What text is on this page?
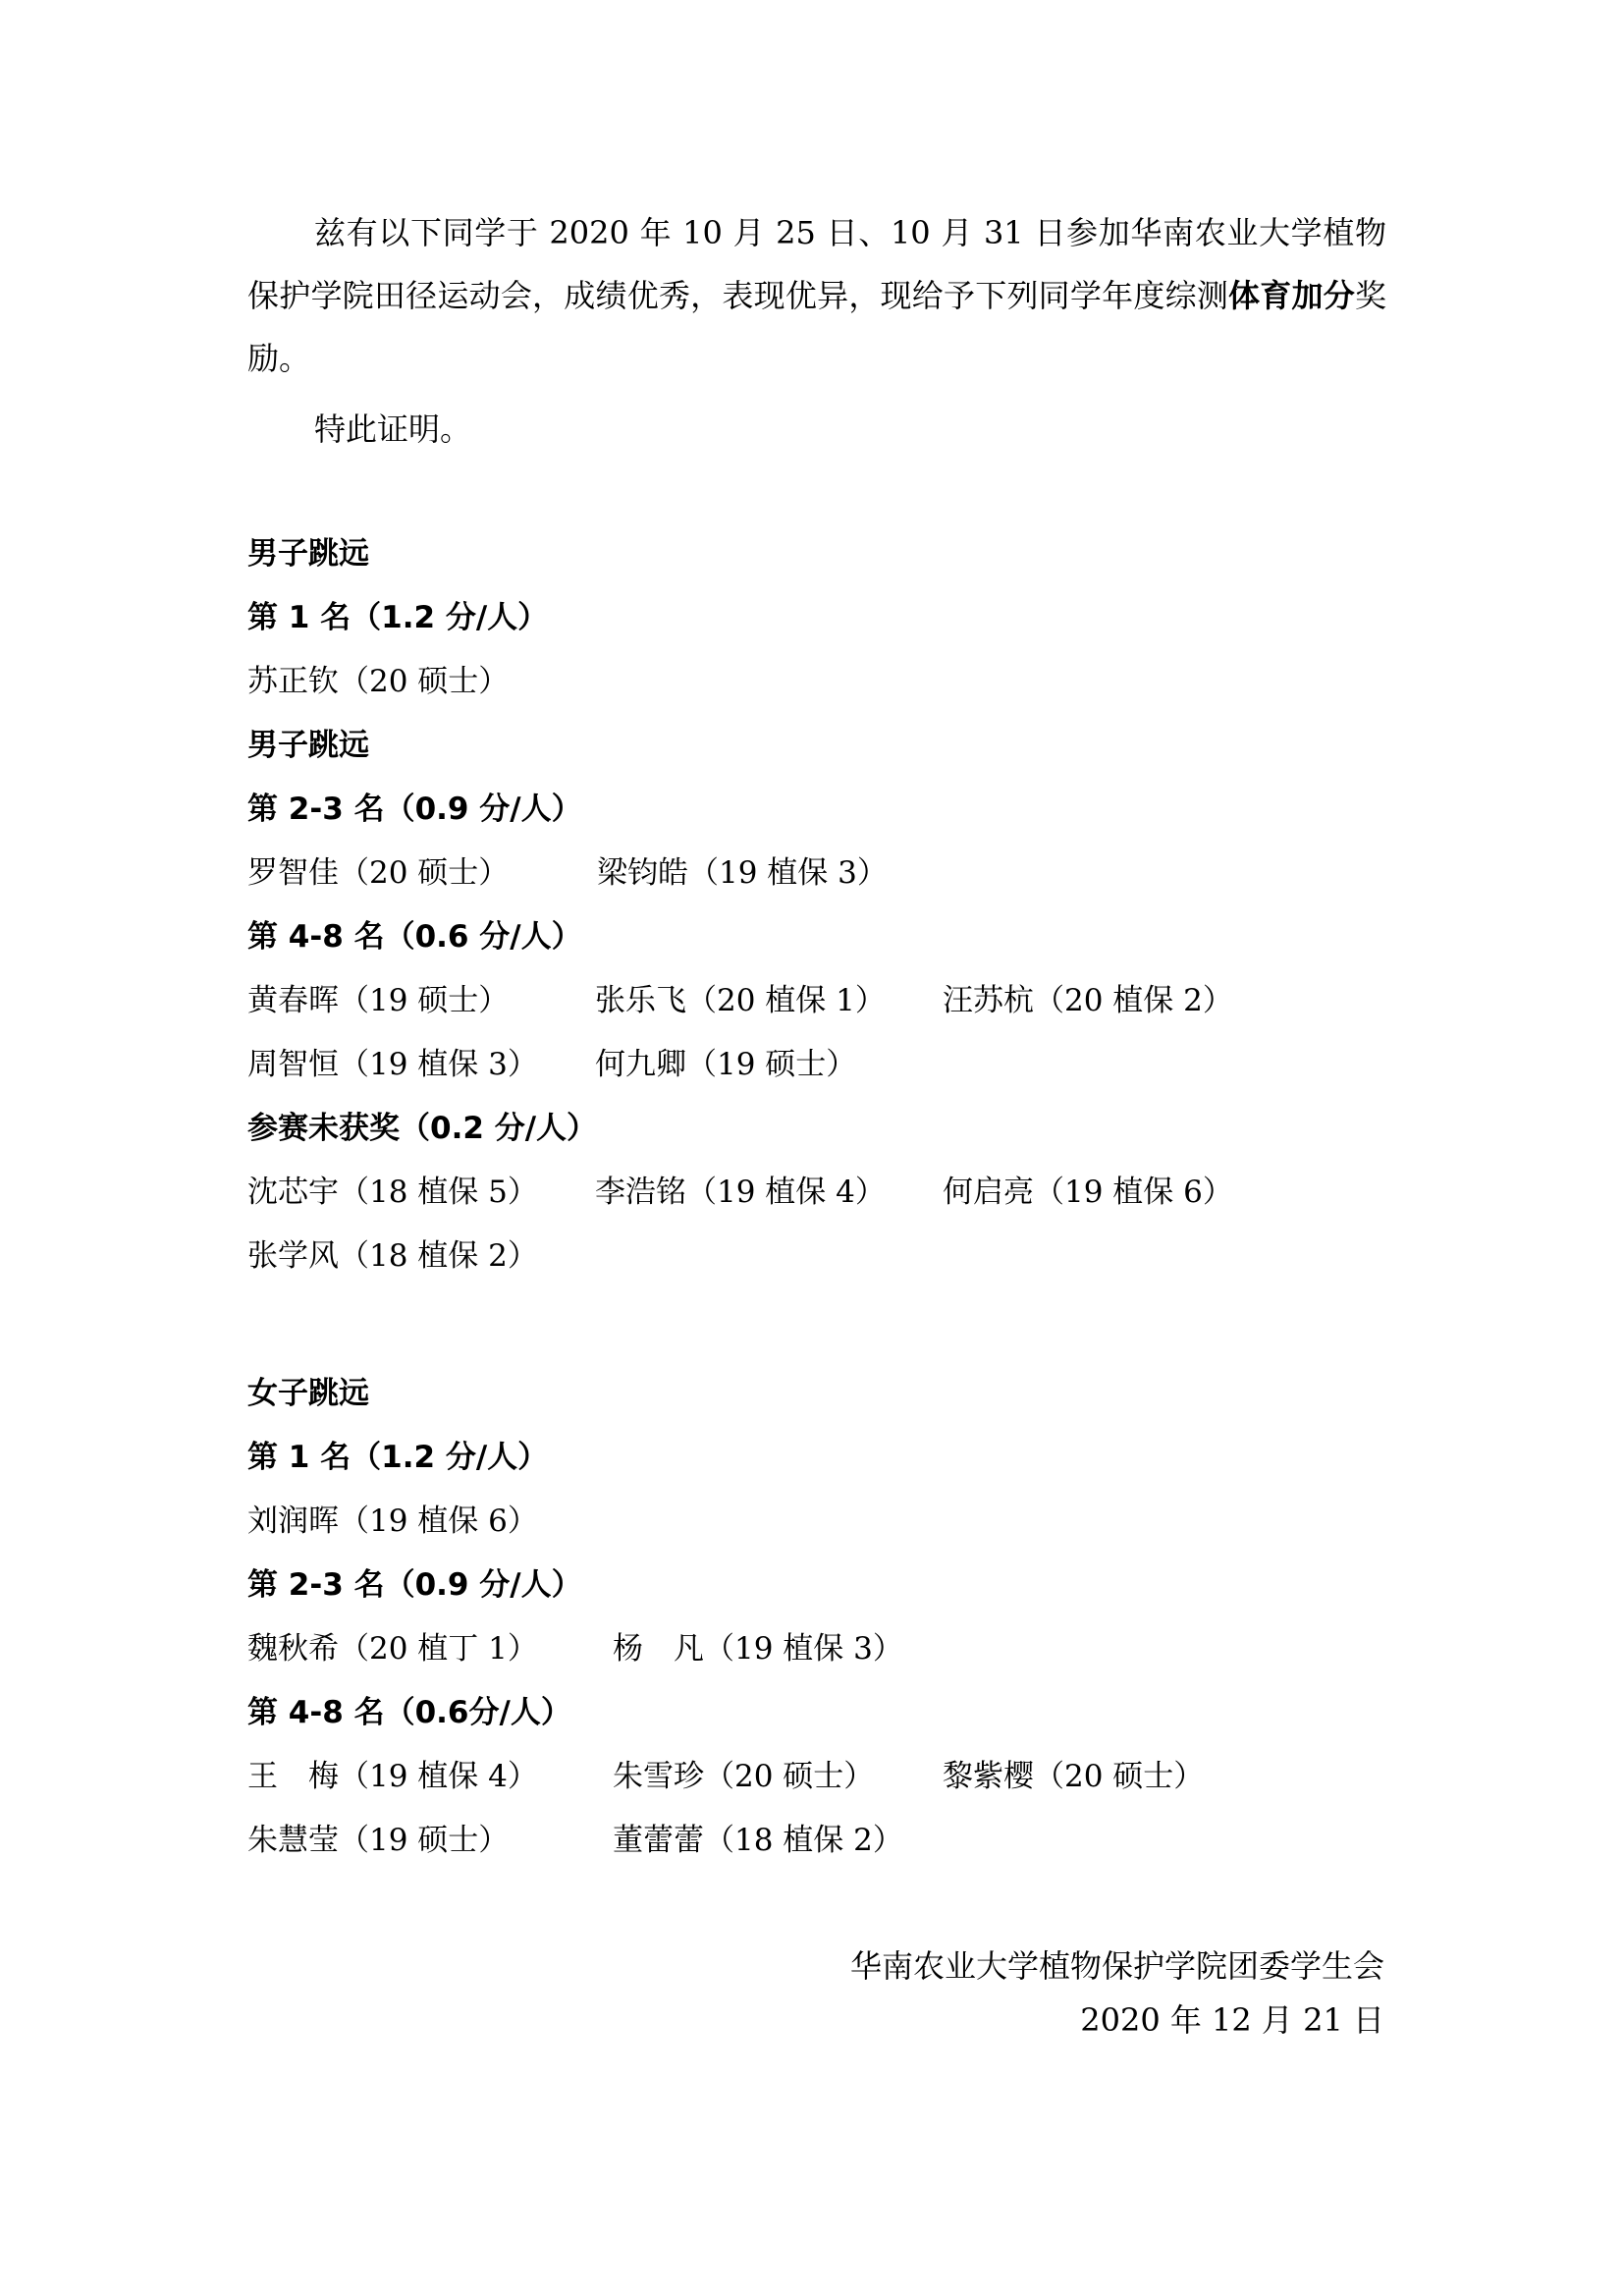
兹有以下同学于 2020 年 10 月 25 日、10 月 31 日参加华南农业大学植物保护学院田径运动会，成绩优秀，表现优异，现给予下列同学年度综测体育加分奖励。

特此证明。

男子跳远
第 1 名（1.2 分/人）
苏正钦（20 硕士）
男子跳远
第 2-3 名（0.9 分/人）
罗智佳（20 硕士）	梁钧皓（19 植保 3）
第 4-8 名（0.6 分/人）
黄春晖（19 硕士）	张乐飞（20 植保 1） 汪苏杭（20 植保 2）
周智恒（19 植保 3） 何九卿（19 硕士）
参赛未获奖（0.2 分/人）
沈芯宇（18 植保 5） 李浩铭（19 植保 4） 何启亮（19 植保 6）
张学风（18 植保 2）
女子跳远
第 1 名（1.2 分/人）
刘润晖（19 植保 6）
第 2-3 名（0.9 分/人）
魏秋希（20 植丁 1） 杨　凡（19 植保 3）
第 4-8 名（0.6分/人）
王　梅（19 植保 4） 朱雪珍（20 硕士） 黎紫樱（20 硕士）
朱慧莹（19 硕士）	董蕾蕾（18 植保 2）
华南农业大学植物保护学院团委学生会
2020 年 12 月 21 日
